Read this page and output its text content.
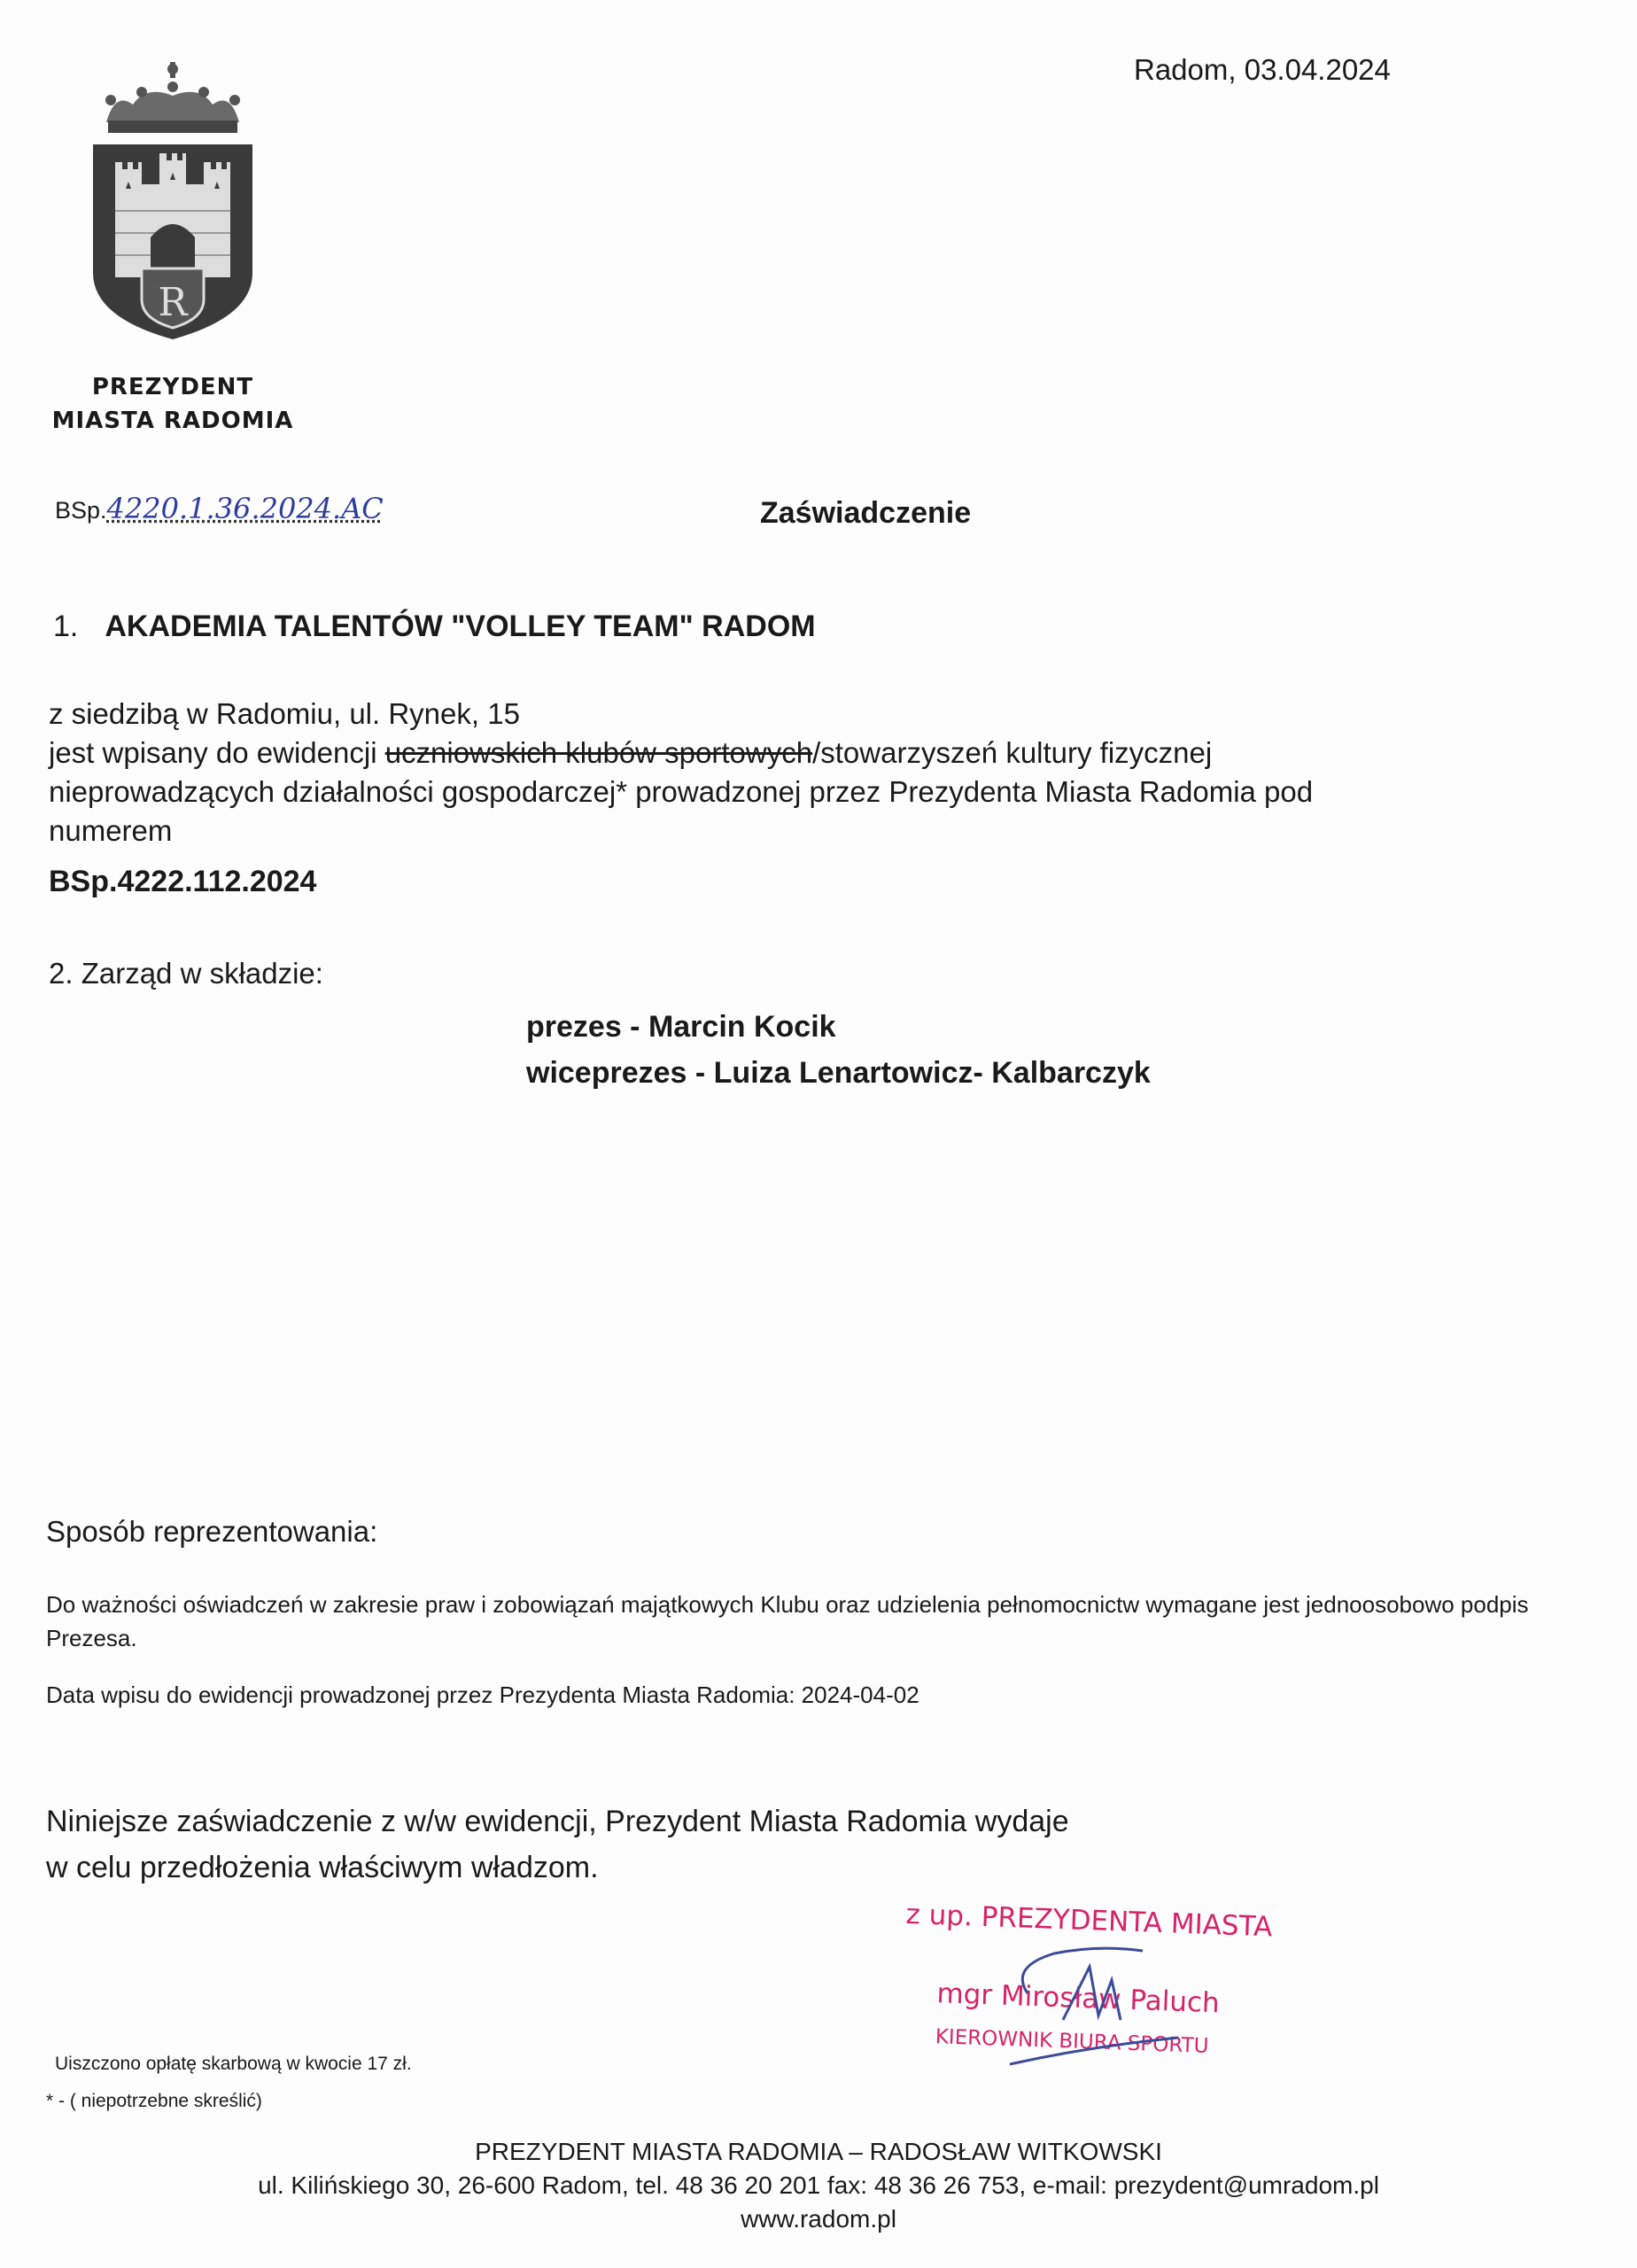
Radom, 03.04.2024
R
PREZYDENT
MIASTA RADOMIA
BSp.4220.1.36.2024.AC	Zaświadczenie
1. AKADEMIA TALENTÓW "VOLLEY TEAM" RADOM
z siedzibą w Radomiu, ul. Rynek, 15
jest wpisany do ewidencji uczniowskich klubów sportowych/stowarzyszeń kultury fizycznej
nieprowadzących działalności gospodarczej* prowadzonej przez Prezydenta Miasta Radomia pod
numerem
BSp.4222.112.2024
2. Zarząd w składzie:
prezes - Marcin Kocik
wiceprezes - Luiza Lenartowicz- Kalbarczyk
Sposób reprezentowania:
Do ważności oświadczeń w zakresie praw i zobowiązań majątkowych Klubu oraz udzielenia pełnomocnictw wymagane jest jednoosobowo podpis Prezesa.
Data wpisu do ewidencji prowadzonej przez Prezydenta Miasta Radomia: 2024-04-02
Niniejsze zaświadczenie z w/w ewidencji, Prezydent Miasta Radomia wydaje
w celu przedłożenia właściwym władzom.
z up. PREZYDENTA MIASTA
mgr Mirosław Paluch
KIEROWNIK BIURA SPORTU
Uiszczono opłatę skarbową w kwocie 17 zł.
* - ( niepotrzebne skreślić)
PREZYDENT MIASTA RADOMIA – RADOSŁAW WITKOWSKI
ul. Kilińskiego 30, 26-600 Radom, tel. 48 36 20 201 fax: 48 36 26 753, e-mail: prezydent@umradom.pl
www.radom.pl
